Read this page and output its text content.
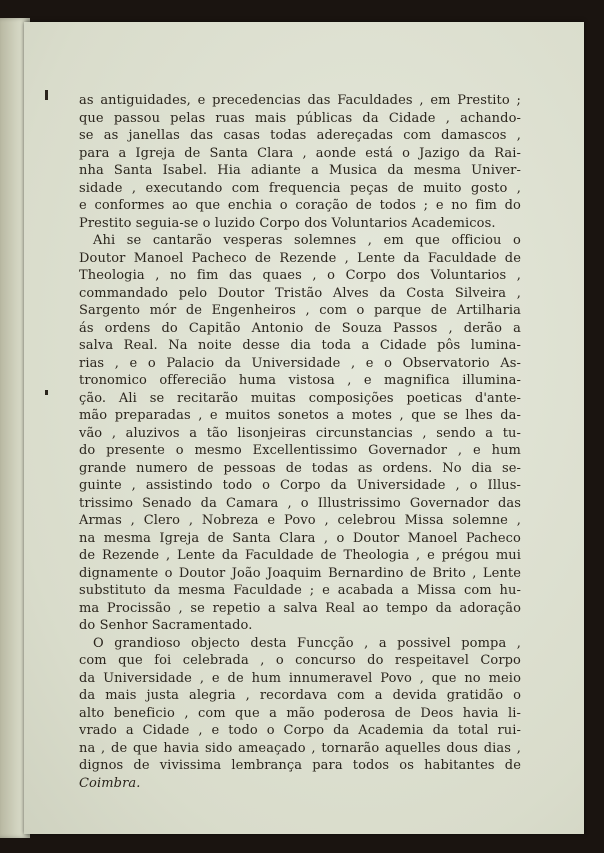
as antiguidades, e precedencias das Faculdades , em Prestito ;
que passou pelas ruas mais públicas da Cidade , achando-
se as janellas das casas todas adereçadas com damascos ,
para a Igreja de Santa Clara , aonde está o Jazigo da Rai-
nha Santa Isabel. Hia adiante a Musica da mesma Univer-
sidade , executando com frequencia peças de muito gosto ,
e conformes ao que enchia o coração de todos ; e no fim do
Prestito seguia-se o luzido Corpo dos Voluntarios Academicos.
Ahi se cantarão vesperas solemnes , em que officiou o
Doutor Manoel Pacheco de Rezende , Lente da Faculdade de
Theologia , no fim das quaes , o Corpo dos Voluntarios ,
commandado pelo Doutor Tristão Alves da Costa Silveira ,
Sargento mór de Engenheiros , com o parque de Artilharia
ás ordens do Capitão Antonio de Souza Passos , derão a
salva Real. Na noite desse dia toda a Cidade pôs lumina-
rias , e o Palacio da Universidade , e o Observatorio As-
tronomico offerecião huma vistosa , e magnifica illumina-
ção. Ali se recitarão muitas composições poeticas d'ante-
mão preparadas , e muitos sonetos a motes , que se lhes da-
vão , aluzivos a tão lisonjeiras circunstancias , sendo a tu-
do presente o mesmo Excellentissimo Governador , e hum
grande numero de pessoas de todas as ordens. No dia se-
guinte , assistindo todo o Corpo da Universidade , o Illus-
trissimo Senado da Camara , o Illustrissimo Governador das
Armas , Clero , Nobreza e Povo , celebrou Missa solemne ,
na mesma Igreja de Santa Clara , o Doutor Manoel Pacheco
de Rezende , Lente da Faculdade de Theologia , e prégou mui
dignamente o Doutor João Joaquim Bernardino de Brito , Lente
substituto da mesma Faculdade ; e acabada a Missa com hu-
ma Procissão , se repetio a salva Real ao tempo da adoração
do Senhor Sacramentado.
O grandioso objecto desta Funcção , a possivel pompa ,
com que foi celebrada , o concurso do respeitavel Corpo
da Universidade , e de hum innumeravel Povo , que no meio
da mais justa alegria , recordava com a devida gratidão o
alto beneficio , com que a mão poderosa de Deos havia li-
vrado a Cidade , e todo o Corpo da Academia da total rui-
na , de que havia sido ameaçado , tornarão aquelles dous dias ,
dignos de vivissima lembrança para todos os habitantes de
Coimbra.
